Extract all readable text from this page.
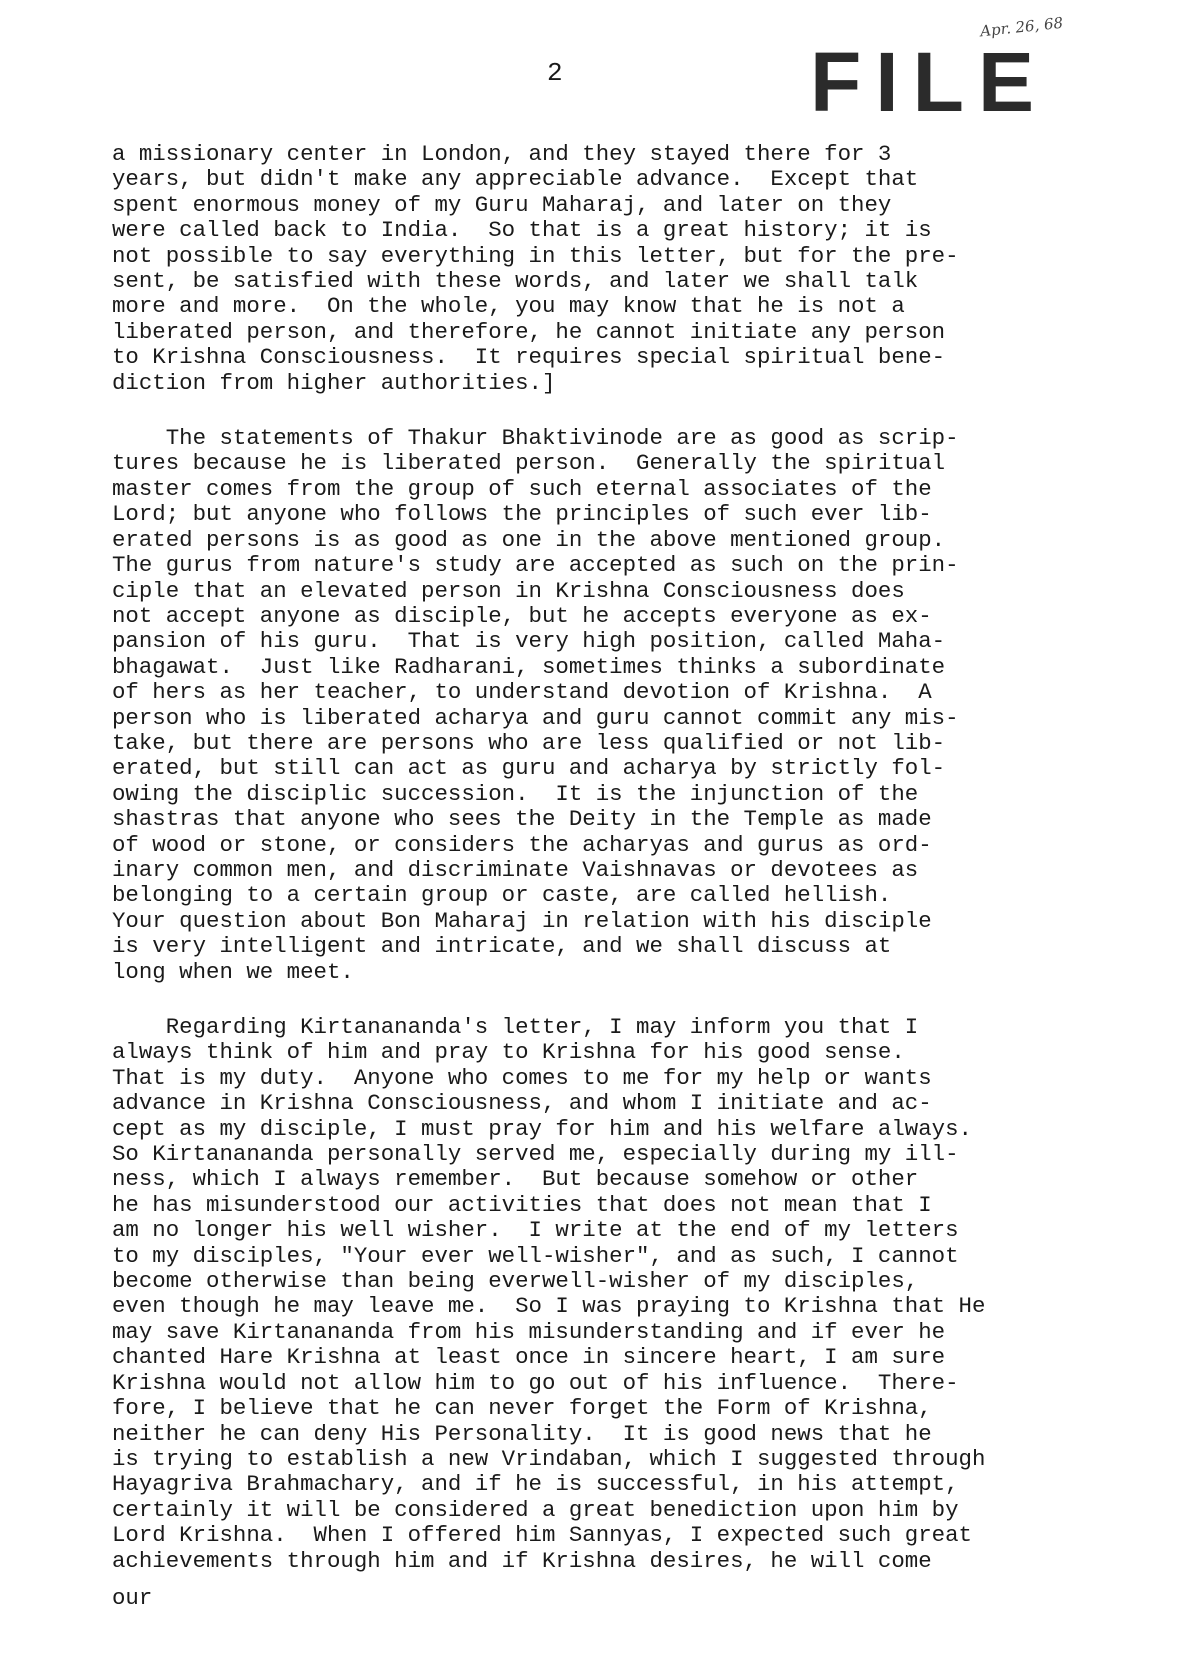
Apr. 26, 68
FILE
2
a missionary center in London, and they stayed there for 3
years, but didn't make any appreciable advance.  Except that
spent enormous money of my Guru Maharaj, and later on they
were called back to India.  So that is a great history; it is
not possible to say everything in this letter, but for the pre-
sent, be satisfied with these words, and later we shall talk
more and more.  On the whole, you may know that he is not a
liberated person, and therefore, he cannot initiate any person
to Krishna Consciousness.  It requires special spiritual bene-
diction from higher authorities.]
The statements of Thakur Bhaktivinode are as good as scrip-
tures because he is liberated person.  Generally the spiritual
master comes from the group of such eternal associates of the
Lord; but anyone who follows the principles of such ever lib-
erated persons is as good as one in the above mentioned group.
The gurus from nature's study are accepted as such on the prin-
ciple that an elevated person in Krishna Consciousness does
not accept anyone as disciple, but he accepts everyone as ex-
pansion of his guru.  That is very high position, called Maha-
bhagawat.  Just like Radharani, sometimes thinks a subordinate
of hers as her teacher, to understand devotion of Krishna.  A
person who is liberated acharya and guru cannot commit any mis-
take, but there are persons who are less qualified or not lib-
erated, but still can act as guru and acharya by strictly fol-
owing the disciplic succession.  It is the injunction of the
shastras that anyone who sees the Deity in the Temple as made
of wood or stone, or considers the acharyas and gurus as ord-
inary common men, and discriminate Vaishnavas or devotees as
belonging to a certain group or caste, are called hellish.
Your question about Bon Maharaj in relation with his disciple
is very intelligent and intricate, and we shall discuss at
long when we meet.
Regarding Kirtanananda's letter, I may inform you that I
always think of him and pray to Krishna for his good sense.
That is my duty.  Anyone who comes to me for my help or wants
advance in Krishna Consciousness, and whom I initiate and ac-
cept as my disciple, I must pray for him and his welfare always.
So Kirtanananda personally served me, especially during my ill-
ness, which I always remember.  But because somehow or other
he has misunderstood our activities that does not mean that I
am no longer his well wisher.  I write at the end of my letters
to my disciples, "Your ever well-wisher", and as such, I cannot
become otherwise than being everwell-wisher of my disciples,
even though he may leave me.  So I was praying to Krishna that He
may save Kirtanananda from his misunderstanding and if ever he
chanted Hare Krishna at least once in sincere heart, I am sure
Krishna would not allow him to go out of his influence.  There-
fore, I believe that he can never forget the Form of Krishna,
neither he can deny His Personality.  It is good news that he
is trying to establish a new Vrindaban, which I suggested through
Hayagriva Brahmachary, and if he is successful, in his attempt,
certainly it will be considered a great benediction upon him by
Lord Krishna.  When I offered him Sannyas, I expected such great
achievements through him and if Krishna desires, he will come
our
